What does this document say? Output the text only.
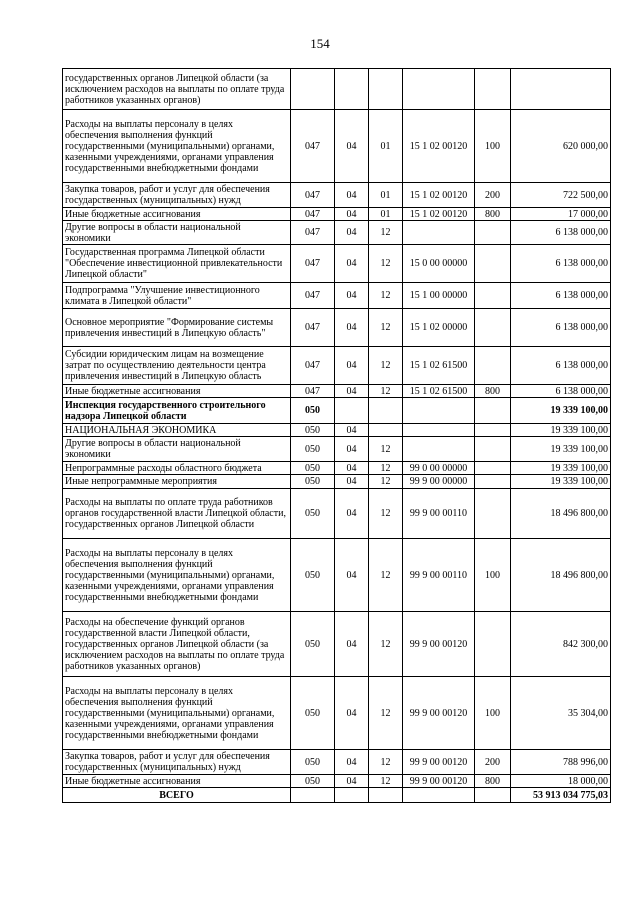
154
государственных органов Липецкой области (за исключением расходов на выплаты по оплате труда работников указанных органов)						
Расходы на выплаты персоналу в целях обеспечения выполнения функций государственными (муниципальными) органами, казенными учреждениями, органами управления государственными внебюджетными фондами	047	04	01	15 1 02 00120	100	620 000,00
Закупка товаров, работ и услуг для обеспечения государственных (муниципальных) нужд	047	04	01	15 1 02 00120	200	722 500,00
Иные бюджетные ассигнования	047	04	01	15 1 02 00120	800	17 000,00
Другие вопросы в области национальной экономики	047	04	12			6 138 000,00
Государственная программа Липецкой области "Обеспечение инвестиционной привлекательности Липецкой области"	047	04	12	15 0 00 00000		6 138 000,00
Подпрограмма "Улучшение инвестиционного климата в Липецкой области"	047	04	12	15 1 00 00000		6 138 000,00
Основное мероприятие "Формирование системы привлечения инвестиций в Липецкую область"	047	04	12	15 1 02 00000		6 138 000,00
Субсидии юридическим лицам на возмещение затрат по осуществлению деятельности центра привлечения инвестиций в Липецкую область	047	04	12	15 1 02 61500		6 138 000,00
Иные бюджетные ассигнования	047	04	12	15 1 02 61500	800	6 138 000,00
Инспекция государственного строительного надзора Липецкой области	050					19 339 100,00
НАЦИОНАЛЬНАЯ ЭКОНОМИКА	050	04				19 339 100,00
Другие вопросы в области национальной экономики	050	04	12			19 339 100,00
Непрограммные расходы областного бюджета	050	04	12	99 0 00 00000		19 339 100,00
Иные непрограммные мероприятия	050	04	12	99 9 00 00000		19 339 100,00
Расходы на выплаты по оплате труда работников органов государственной власти Липецкой области, государственных органов Липецкой области	050	04	12	99 9 00 00110		18 496 800,00
Расходы на выплаты персоналу в целях обеспечения выполнения функций государственными (муниципальными) органами, казенными учреждениями, органами управления государственными внебюджетными фондами	050	04	12	99 9 00 00110	100	18 496 800,00
Расходы на обеспечение функций органов государственной власти Липецкой области, государственных органов Липецкой области (за исключением расходов на выплаты по оплате труда работников указанных органов)	050	04	12	99 9 00 00120		842 300,00
Расходы на выплаты персоналу в целях обеспечения выполнения функций государственными (муниципальными) органами, казенными учреждениями, органами управления государственными внебюджетными фондами	050	04	12	99 9 00 00120	100	35 304,00
Закупка товаров, работ и услуг для обеспечения государственных (муниципальных) нужд	050	04	12	99 9 00 00120	200	788 996,00
Иные бюджетные ассигнования	050	04	12	99 9 00 00120	800	18 000,00
ВСЕГО						53 913 034 775,03
